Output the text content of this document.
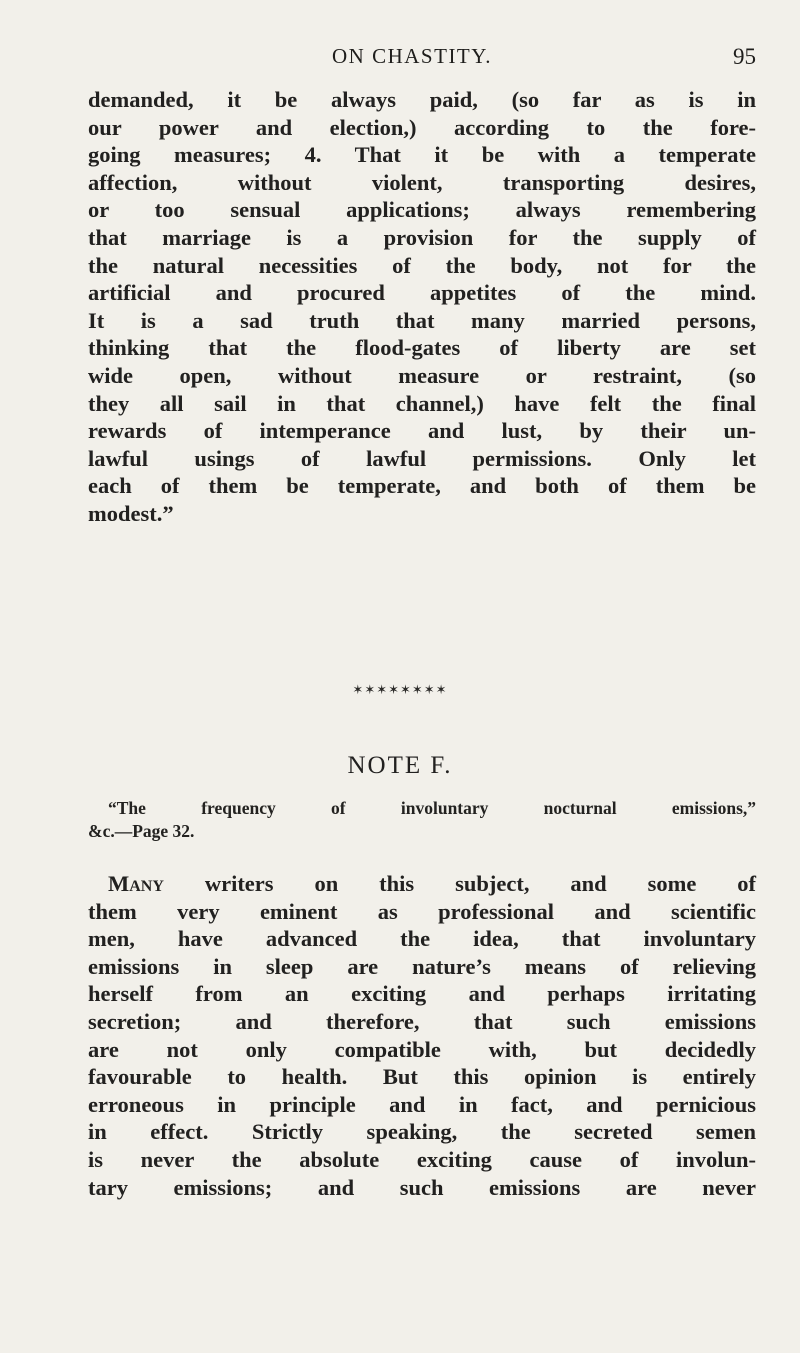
ON CHASTITY.	95
demanded, it be always paid, (so far as is in
our power and election,) according to the fore-
going measures; 4. That it be with a temperate
affection, without violent, transporting desires,
or too sensual applications; always remembering
that marriage is a provision for the supply of
the natural necessities of the body, not for the
artificial and procured appetites of the mind.
It is a sad truth that many married persons,
thinking that the flood-gates of liberty are set
wide open, without measure or restraint, (so
they all sail in that channel,) have felt the final
rewards of intemperance and lust, by their un-
lawful usings of lawful permissions. Only let
each of them be temperate, and both of them be
modest.”
✶✶✶✶✶✶✶✶
NOTE F.
“The frequency of involuntary nocturnal emissions,”
&c.—Page 32.
Many writers on this subject, and some of
them very eminent as professional and scientific
men, have advanced the idea, that involuntary
emissions in sleep are nature’s means of relieving
herself from an exciting and perhaps irritating
secretion; and therefore, that such emissions
are not only compatible with, but decidedly
favourable to health. But this opinion is entirely
erroneous in principle and in fact, and pernicious
in effect. Strictly speaking, the secreted semen
is never the absolute exciting cause of involun-
tary emissions; and such emissions are never
